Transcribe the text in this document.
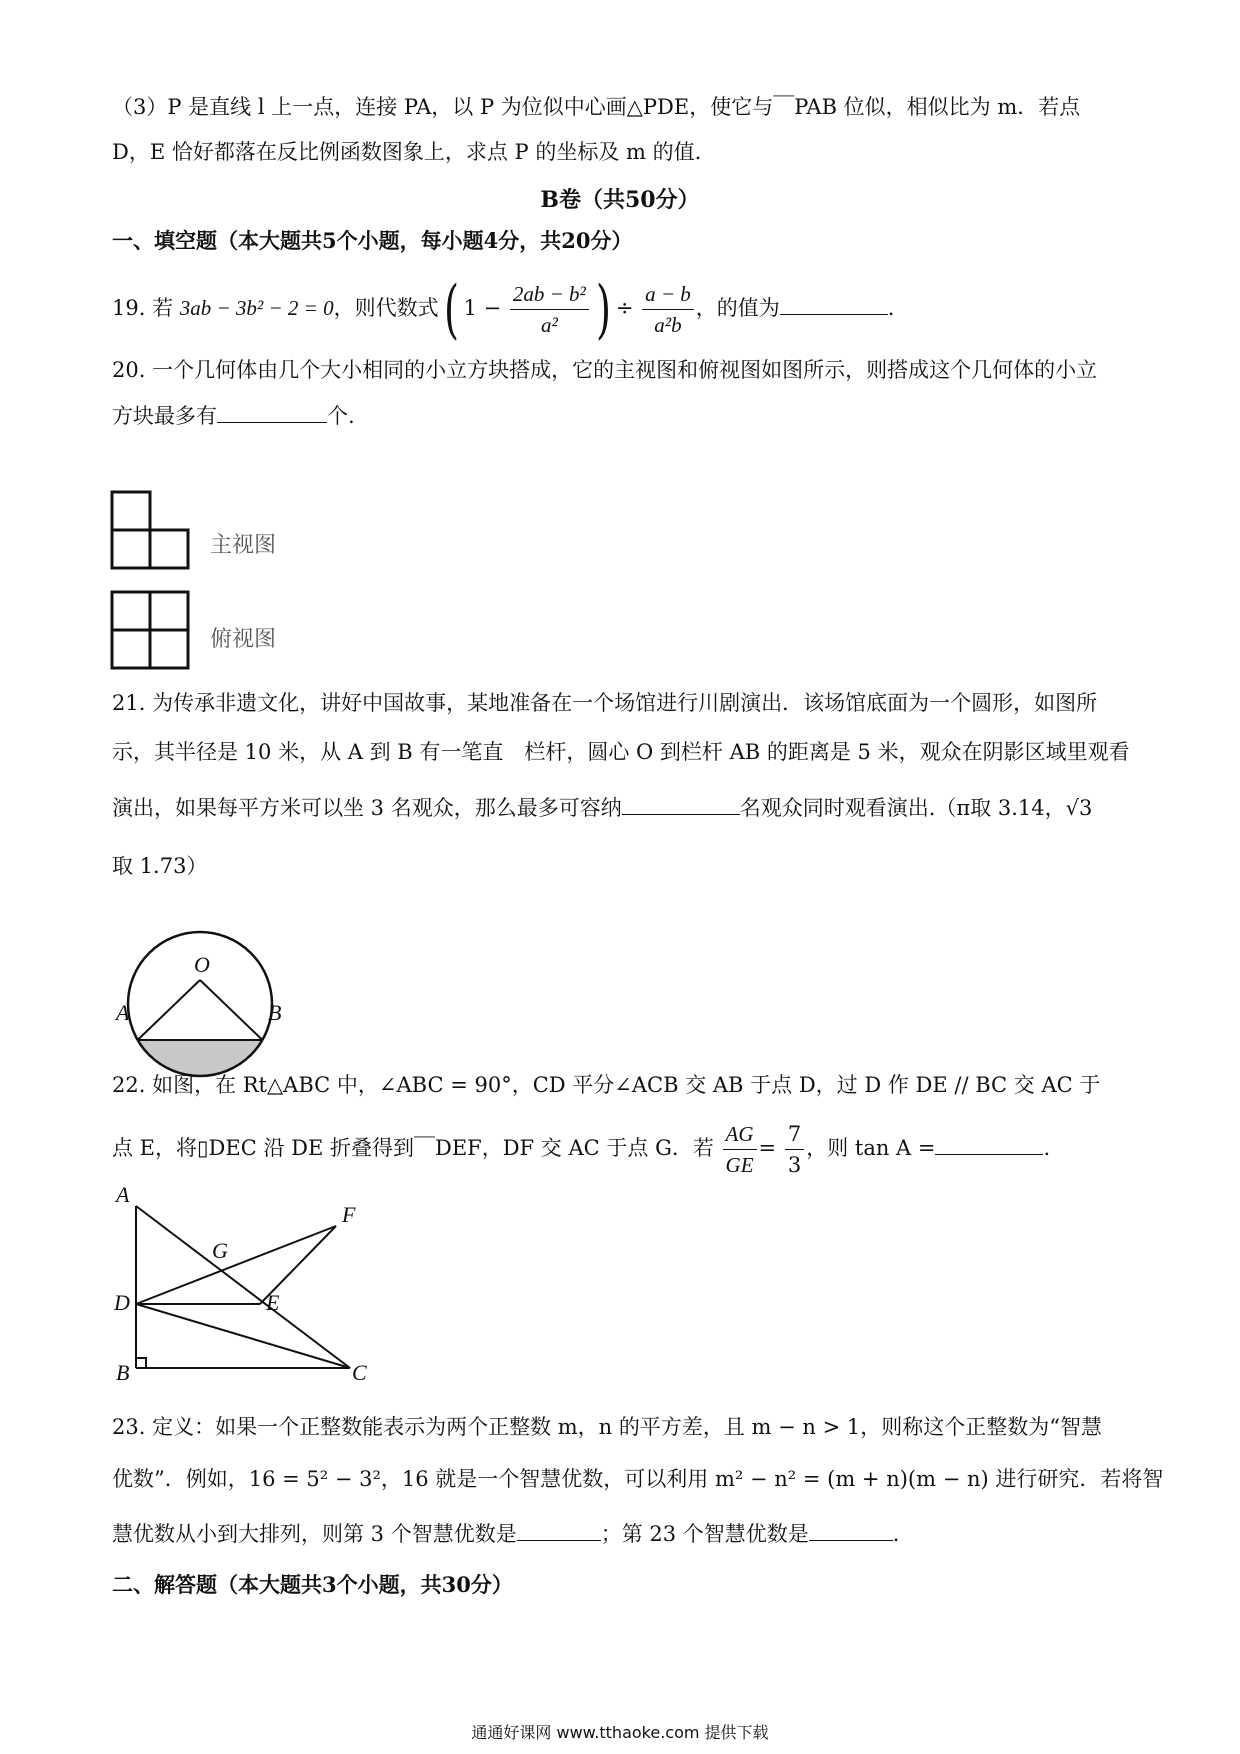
（3）P 是直线 l 上一点，连接 PA，以 P 为位似中心画△PDE，使它与￣PAB 位似，相似比为 m．若点
D，E 恰好都落在反比例函数图象上，求点 P 的坐标及 m 的值.
B卷（共50分）
一、填空题（本大题共5个小题，每小题4分，共20分）
19. 若 3ab − 3b² − 2 = 0，则代数式( $1 - \frac{\text{2ab − b²}}{\text{a²}}$ ) ÷ $\frac{a - b}{\text{a²b}}$ ，的值为	.
20. 一个几何体由几个大小相同的小立方块搭成，它的主视图和俯视图如图所示，则搭成这个几何体的小立
方块最多有	个.
主视图
俯视图
21. 为传承非遗文化，讲好中国故事，某地准备在一个场馆进行川剧演出．该场馆底面为一个圆形，如图所
示，其半径是 10 米，从 A 到 B 有一笔直　栏杆，圆心 O 到栏杆 AB 的距离是 5 米，观众在阴影区域里观看
演出，如果每平方米可以坐 3 名观众，那么最多可容纳	名观众同时观看演出.（π取 3.14，√3
取 1.73）
O
A	B
22. 如图，在 Rt△ABC 中，∠ABC = 90°，CD 平分∠ACB 交 AB 于点 D，过 D 作 DE // BC 交 AC 于
点 E，将▯DEC 沿 DE 折叠得到￣DEF，DF 交 AC 于点 G．若 $\frac{AG}{GE} = \frac{7}{3}$ ，则 tan A =	.
A
F
G
D	E
B	C
23. 定义：如果一个正整数能表示为两个正整数 m，n 的平方差，且 m − n > 1，则称这个正整数为“智慧
优数”．例如，16 = 5² − 3²，16 就是一个智慧优数，可以利用 m² − n² = (m + n)(m − n) 进行研究．若将智
慧优数从小到大排列，则第 3 个智慧优数是	；第 23 个智慧优数是	.
二、解答题（本大题共3个小题，共30分）
通通好课网 www.tthaoke.com 提供下载
